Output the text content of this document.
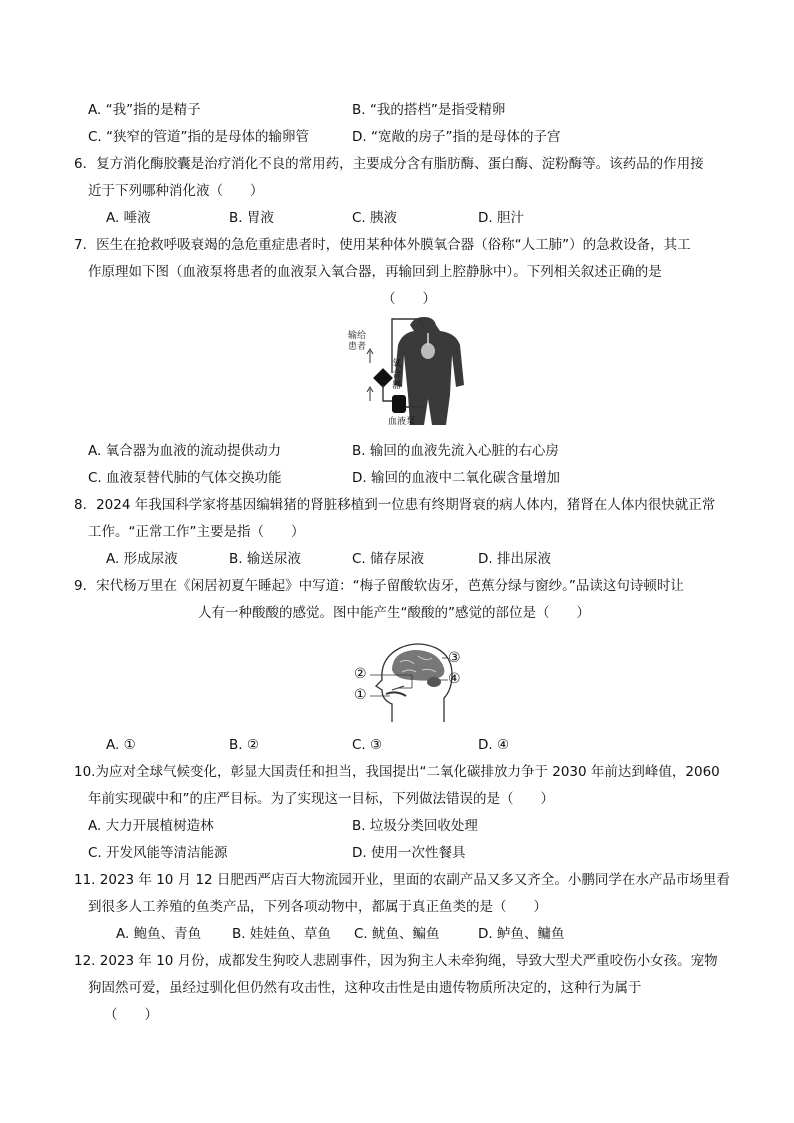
A. “我”指的是精子	B. “我的搭档”是指受精卵
C. “狭窄的管道”指的是母体的输卵管	D. “宽敞的房子”指的是母体的子宫
6．复方消化酶胶囊是治疗消化不良的常用药，主要成分含有脂肪酶、蛋白酶、淀粉酶等。该药品的作用接
近于下列哪种消化液（　　）
A. 唾液	B. 胃液	C. 胰液	D. 胆汁
7．医生在抢救呼吸衰竭的急危重症患者时，使用某种体外膜氧合器（俗称“人工肺”）的急救设备，其工
作原理如下图（血液泵将患者的血液泵入氧合器，再输回到上腔静脉中）。下列相关叙述正确的是
（　　）
输给患者
氧合器
血液泵
A. 氧合器为血液的流动提供动力	B. 输回的血液先流入心脏的右心房
C. 血液泵替代肺的气体交换功能	D. 输回的血液中二氧化碳含量增加
8．2024 年我国科学家将基因编辑猪的肾脏移植到一位患有终期肾衰的病人体内，猪肾在人体内很快就正常
工作。“正常工作”主要是指（　　）
A. 形成尿液	B. 输送尿液	C. 储存尿液	D. 排出尿液
9．宋代杨万里在《闲居初夏午睡起》中写道：“梅子留酸软齿牙，芭蕉分绿与窗纱。”品读这句诗顿时让
人有一种酸酸的感觉。图中能产生“酸酸的”感觉的部位是（　　）
①
②
③
④
A. ①	B. ②	C. ③	D. ④
10.为应对全球气候变化，彰显大国责任和担当，我国提出“二氧化碳排放力争于 2030 年前达到峰值，2060
年前实现碳中和”的庄严目标。为了实现这一目标，下列做法错误的是（　　）
A. 大力开展植树造林	B. 垃圾分类回收处理
C. 开发风能等清洁能源	D. 使用一次性餐具
11. 2023 年 10 月 12 日肥西严店百大物流园开业，里面的农副产品又多又齐全。小鹏同学在水产品市场里看
到很多人工养殖的鱼类产品，下列各项动物中，都属于真正鱼类的是（　　）
A. 鲍鱼、青鱼 B. 娃娃鱼、草鱼 C. 鱿鱼、鳊鱼	D. 鲈鱼、鳙鱼
12. 2023 年 10 月份，成都发生狗咬人悲剧事件，因为狗主人未牵狗绳，导致大型犬严重咬伤小女孩。宠物
狗固然可爱，虽经过驯化但仍然有攻击性，这种攻击性是由遗传物质所决定的，这种行为属于
（　　）
